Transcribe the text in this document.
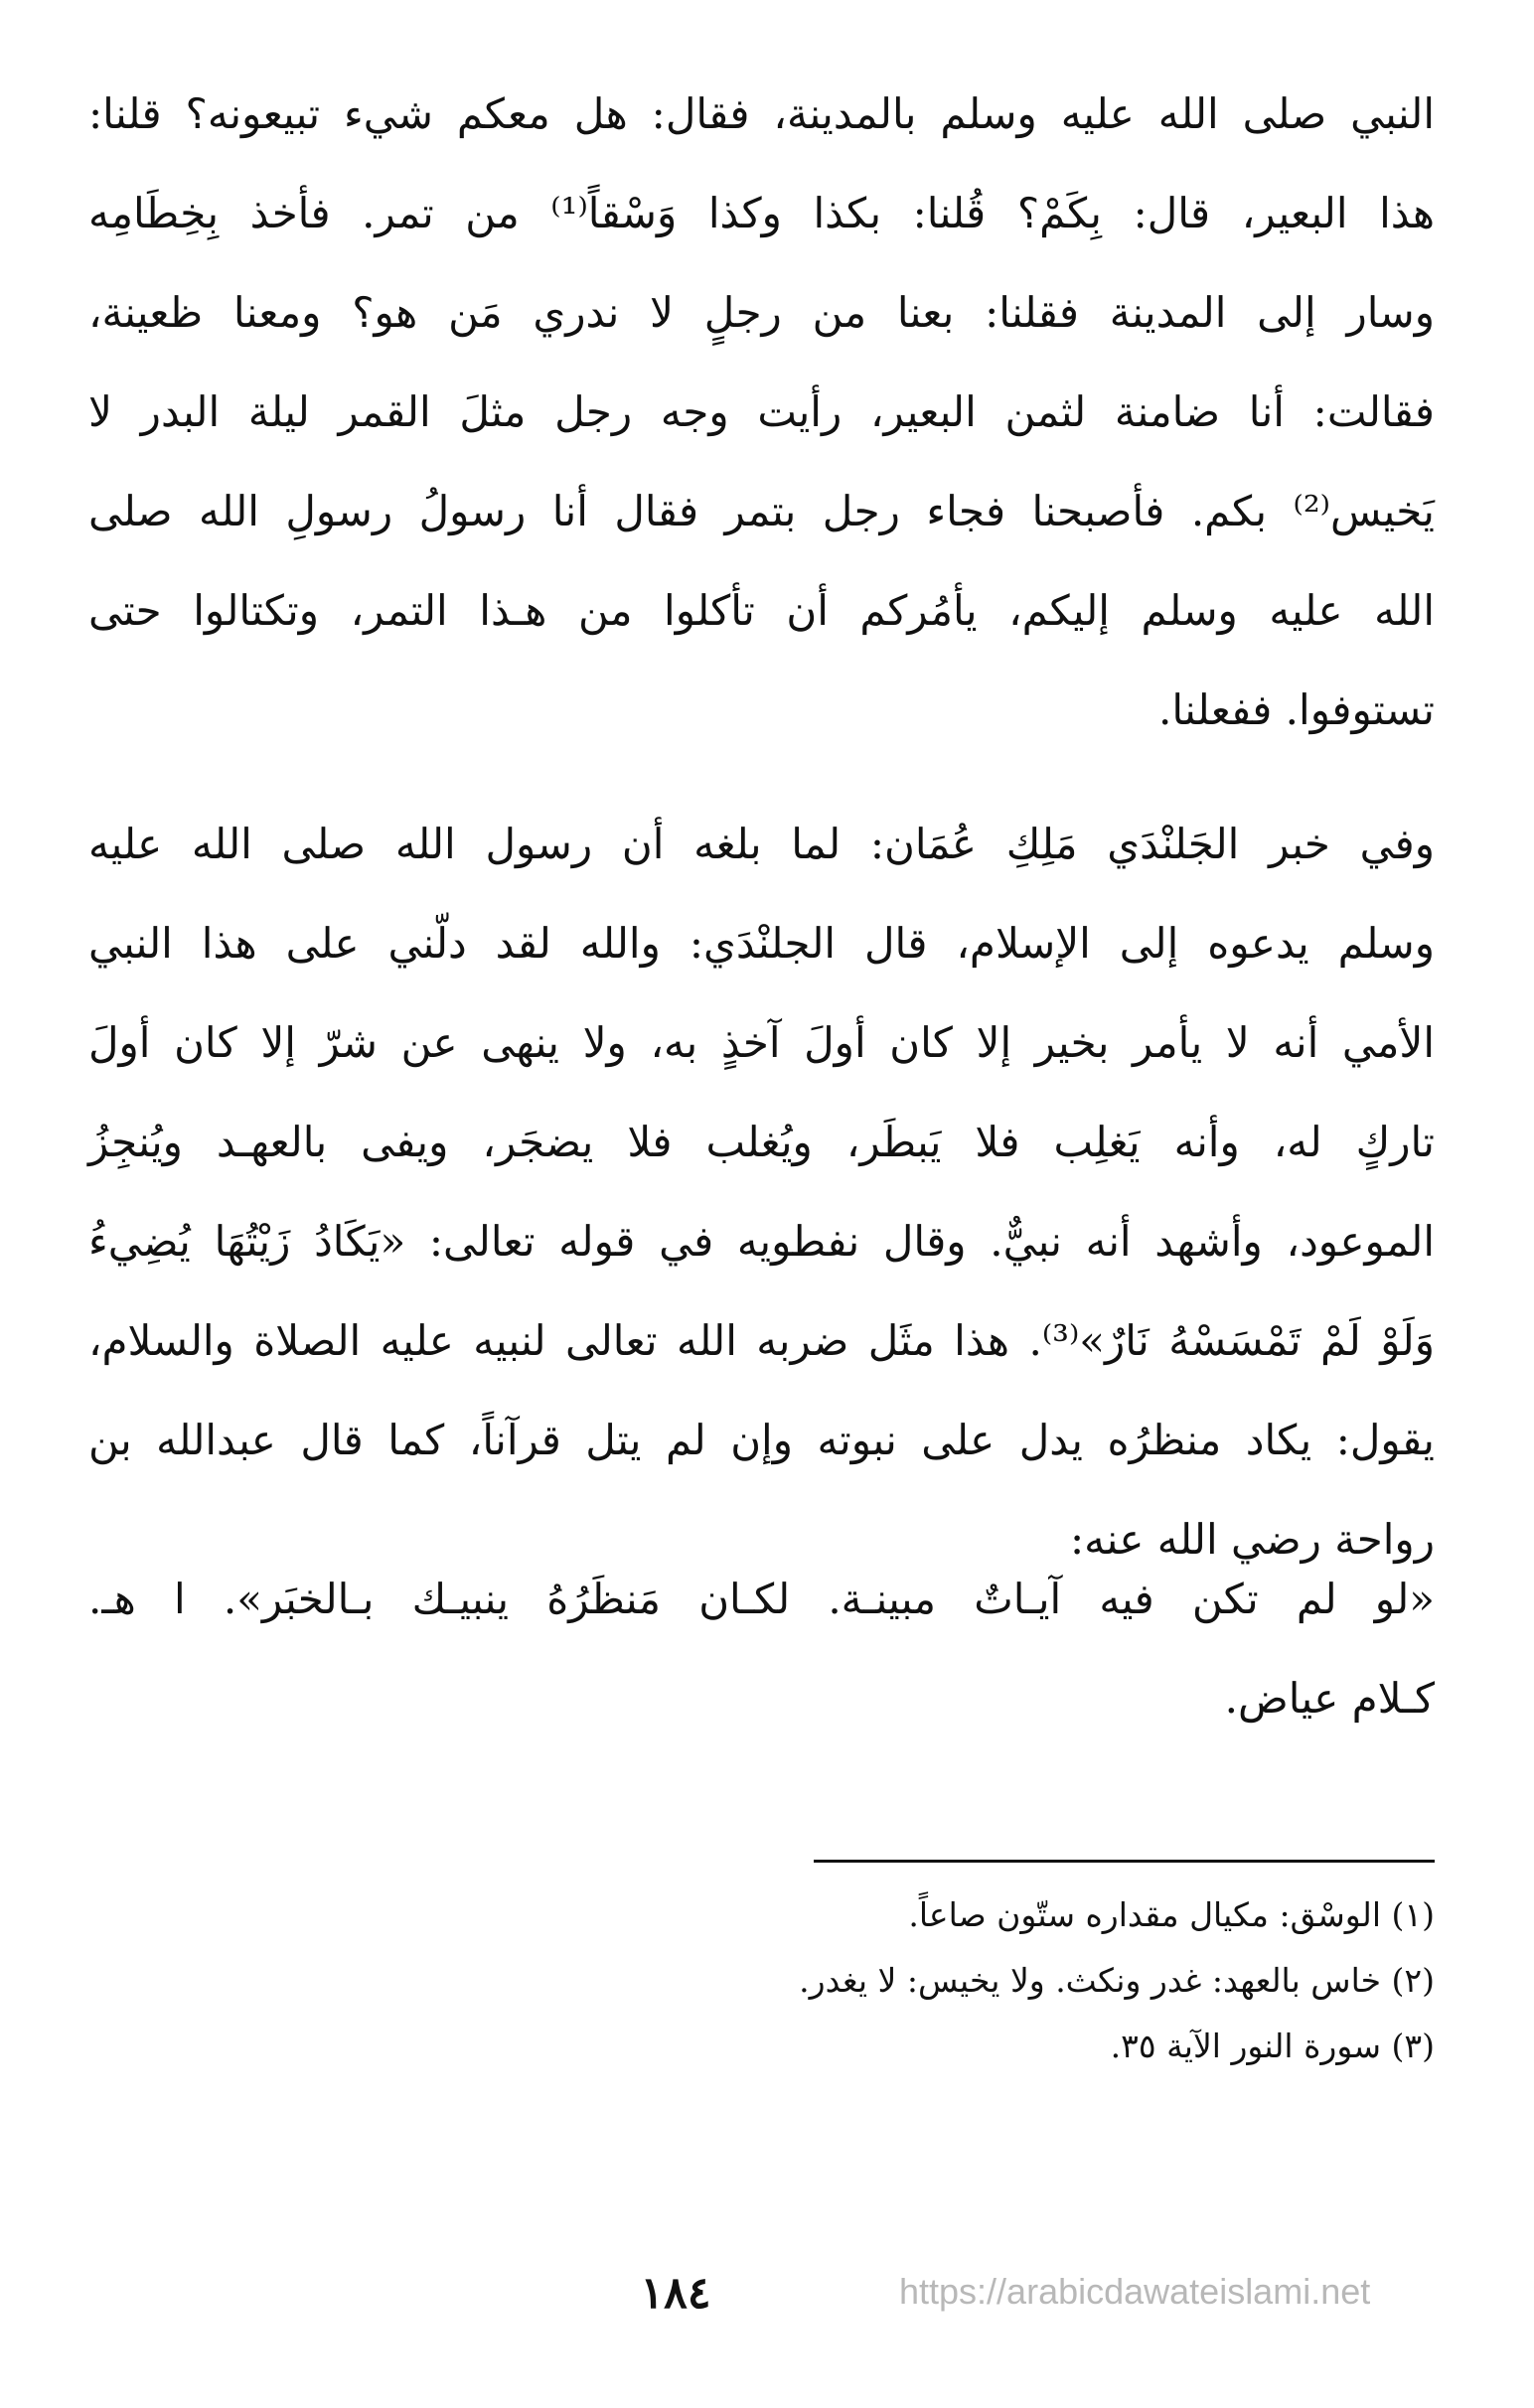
النبي صلى الله عليه وسلم بالمدينة، فقال: هل معكم شيء تبيعونه؟ قلنا:
هذا البعير، قال: بِكَمْ؟ قُلنا: بكذا وكذا وَسْقاً⁽¹⁾ من تمر. فأخذ بِخِطَامِه
وسار إلى المدينة فقلنا: بعنا من رجلٍ لا ندري مَن هو؟ ومعنا ظعينة،
فقالت: أنا ضامنة لثمن البعير، رأيت وجه رجل مثلَ القمر ليلة البدر لا
يَخيس⁽²⁾ بكم. فأصبحنا فجاء رجل بتمر فقال أنا رسولُ رسولِ الله صلى
الله عليه وسلم إليكم، يأمُركم أن تأكلوا من هـذا التمر، وتكتالوا حتى
تستوفوا. ففعلنا.
وفي خبر الجَلنْدَي مَلِكِ عُمَان: لما بلغه أن رسول الله صلى الله عليه
وسلم يدعوه إلى الإسلام، قال الجلنْدَي: والله لقد دلّني على هذا النبي
الأمي أنه لا يأمر بخير إلا كان أولَ آخذٍ به، ولا ينهى عن شرّ إلا كان أولَ
تاركٍ له، وأنه يَغلِب فلا يَبطَر، ويُغلب فلا يضجَر، ويفى بالعهـد ويُنجِزُ
الموعود، وأشهد أنه نبيٌّ. وقال نفطويه في قوله تعالى: «يَكَادُ زَيْتُهَا يُضِيءُ
وَلَوْ لَمْ تَمْسَسْهُ نَارٌ»⁽³⁾. هذا مثَل ضربه الله تعالى لنبيه عليه الصلاة والسلام،
يقول: يكاد منظرُه يدل على نبوته وإن لم يتل قرآناً، كما قال عبدالله بن
رواحة رضي الله عنه:
«لو لم تكن فيه آيـاتٌ مبينـة. لكـان مَنظَرُهُ ينبيـك بـالخبَر». ا هـ.
كـلام عياض.
(١) الوسْق: مكيال مقداره ستّون صاعاً.
(٢) خاس بالعهد: غدر ونكث. ولا يخيس: لا يغدر.
(٣) سورة النور الآية ٣٥.
١٨٤	https://arabicdawateislami.net
